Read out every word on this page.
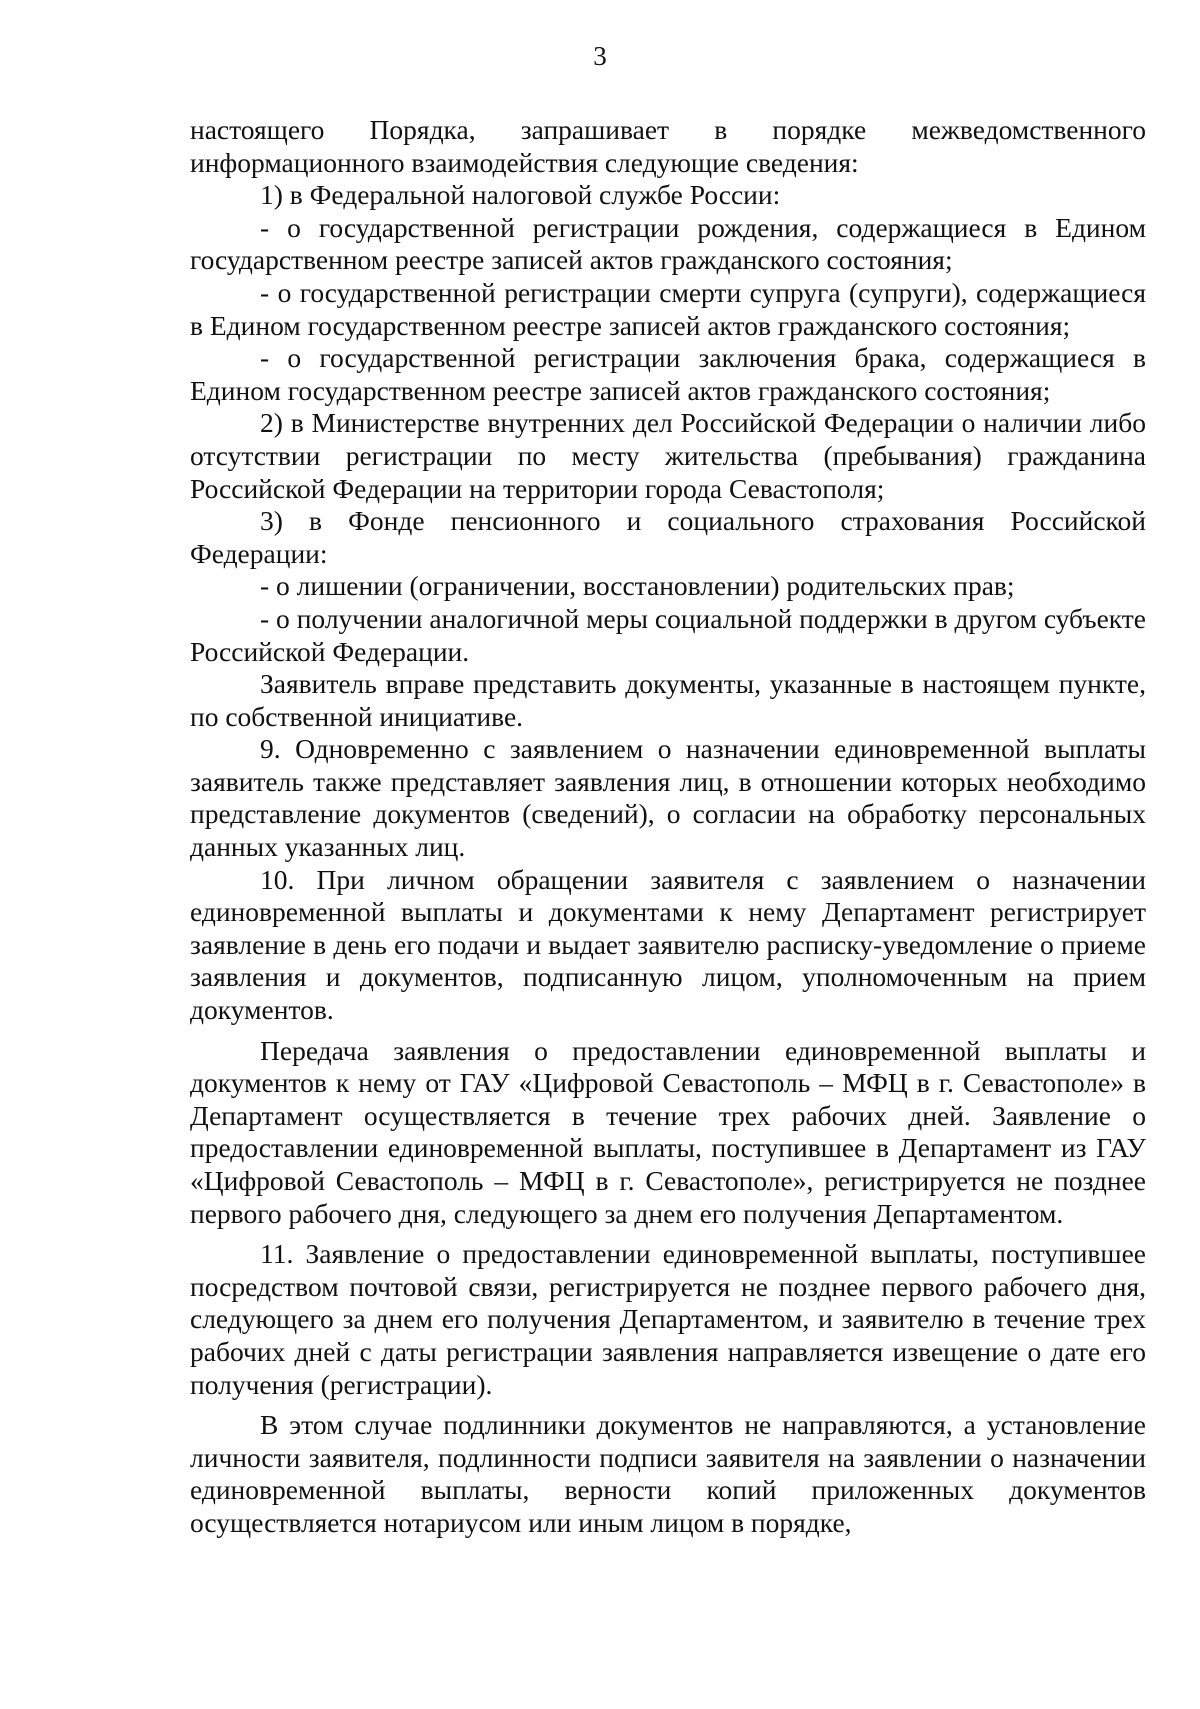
3

настоящего Порядка, запрашивает в порядке межведомственного информационного взаимодействия следующие сведения:

1) в Федеральной налоговой службе России:

- о государственной регистрации рождения, содержащиеся в Едином государственном реестре записей актов гражданского состояния;

- о государственной регистрации смерти супруга (супруги), содержащиеся в Едином государственном реестре записей актов гражданского состояния;

- о государственной регистрации заключения брака, содержащиеся в Едином государственном реестре записей актов гражданского состояния;

2) в Министерстве внутренних дел Российской Федерации о наличии либо отсутствии регистрации по месту жительства (пребывания) гражданина Российской Федерации на территории города Севастополя;

3) в Фонде пенсионного и социального страхования Российской Федерации:

- о лишении (ограничении, восстановлении) родительских прав;

- о получении аналогичной меры социальной поддержки в другом субъекте Российской Федерации.

Заявитель вправе представить документы, указанные в настоящем пункте, по собственной инициативе.

9. Одновременно с заявлением о назначении единовременной выплаты заявитель также представляет заявления лиц, в отношении которых необходимо представление документов (сведений), о согласии на обработку персональных данных указанных лиц.

10. При личном обращении заявителя с заявлением о назначении единовременной выплаты и документами к нему Департамент регистрирует заявление в день его подачи и выдает заявителю расписку-уведомление о приеме заявления и документов, подписанную лицом, уполномоченным на прием документов.

Передача заявления о предоставлении единовременной выплаты и документов к нему от ГАУ «Цифровой Севастополь – МФЦ в г. Севастополе» в Департамент осуществляется в течение трех рабочих дней. Заявление о предоставлении единовременной выплаты, поступившее в Департамент из ГАУ «Цифровой Севастополь – МФЦ в г. Севастополе», регистрируется не позднее первого рабочего дня, следующего за днем его получения Департаментом.

11. Заявление о предоставлении единовременной выплаты, поступившее посредством почтовой связи, регистрируется не позднее первого рабочего дня, следующего за днем его получения Департаментом, и заявителю в течение трех рабочих дней с даты регистрации заявления направляется извещение о дате его получения (регистрации).

В этом случае подлинники документов не направляются, а установление личности заявителя, подлинности подписи заявителя на заявлении о назначении единовременной выплаты, верности копий приложенных документов осуществляется нотариусом или иным лицом в порядке,
